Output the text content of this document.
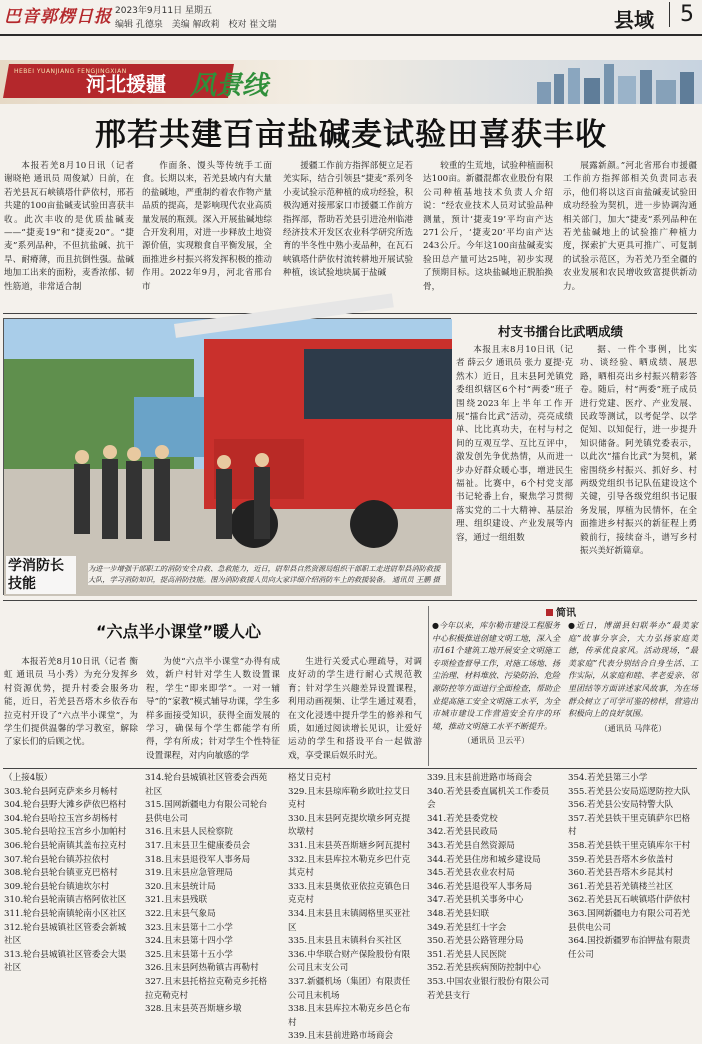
巴音郭楞日报 2023年9月11日 星期五
编辑 孔德泉 美编 解政莉 校对 崔文瑞	县域	5
HEBEI YUANJIANG FENGJINGXIAN
河北援疆 风景线
邢若共建百亩盐碱麦试验田喜获丰收

本报若羌8月10日讯（记者 谢晓艳 通讯员 周俊斌）日前，在若羌县瓦石峡镇塔什萨依村，邢若共建的100亩盐碱麦试验田喜获丰收。此次丰收的是优质盐碱麦——“捷麦19”和“捷麦20”。“捷麦”系列品种，不但抗盐碱、抗干旱、耐瘠薄，而且抗倒性强。盐碱地加工出来的面粉，麦香浓郁、韧性筋道，非常适合制

作面条、馒头等传统手工面食。长期以来，若羌县域内有大量的盐碱地，严重制约着农作物产量品质的提高，是影响现代农业高质量发展的瓶颈。深入开展盐碱地综合开发利用，对进一步释放土地资源价值，实现粮食自平衡发展，全面推进乡村振兴将发挥积极的推动作用。2022年9月，河北省邢台市

援疆工作前方指挥部便立足若羌实际，结合引领县“捷麦”系列冬小麦试验示范种植的成功经验，积极沟通对接邢家口市援疆工作前方指挥部，帮助若羌县引进沧州临港经济技术开发区农业科学研究所选育的半冬性中熟小麦品种，在瓦石峡镇塔什萨依村流转耕地开展试验种植，该试验地块属于盐碱

较重的生荒地，试验种植面积达100亩。新疆混都农业股份有限公司种植基地技术负责人介绍说：“经农业技术人员对试验品种测量，预计‘捷麦19’平均亩产达271公斤，‘捷麦20’平均亩产达243公斤。今年这100亩盐碱麦实验田总产量可达25吨，初步实现了预期目标。这块盐碱地正脱胎换骨，

展露新颜。”河北省邢台市援疆工作前方指挥部相关负责同志表示，他们将以这百亩盐碱麦试验田成功经验为契机，进一步协调沟通相关部门，加大“捷麦”系列品种在若羌盐碱地上的试验推广种植力度，探索扩大更具可推广、可复制的试验示范区，为若羌乃至全疆的农业发展和农民增收致富提供新动力。

学消防长技能
为进一步增强干部职工的消防安全自救、急救能力，近日，尉犁县自然资源局组织干部职工走进尉犁县消防救援大队，学习消防知识，提高消防技能。图为消防救援人员向大家详细介绍消防车上的救援装备。 通讯员 王鹏 摄
村支书擂台比武晒成绩

本报且末8月10日讯（记者 薛云夕 通讯员 张力 夏提·克然木）近日，且末县阿羌镇党委组织辖区6个村“两委”班子围绕2023年上半年工作开展“擂台比武”活动，亮亮成绩单、比比真功夫，在村与村之间的互观互学、互比互评中，激发创先争优热情，从而进一步办好群众暖心事，增进民生福祉。比赛中，6个村党支部书记轮番上台，聚焦学习贯彻落实党的二十大精神、基层治理、组织建设、产业发展等内容，通过一组组数

据、一件个事例，比实功、谈经验、晒成绩、展思路，晒相亮出乡村振兴精彩答卷。随后，村“两委”班子成员进行党建、医疗、产业发展、民政等测试，以考促学、以学促知、以知促行，进一步提升知识储备。阿羌镇党委表示，以此次“擂台比武”为契机，紧密围绕乡村振兴、抓好乡、村两级党组织书记队伍建设这个关键，引导各级党组织书记服务发展，厚植为民情怀，在全面推进乡村振兴的新征程上勇毅前行，接续奋斗，谱写乡村振兴美好新篇章。

“六点半小课堂”暖人心

本报若羌8月10日讯（记者 衡虹 通讯员 马小秀）为充分发挥乡村资源优势，提升村委会服务功能，近日，若羌县吾塔木乡依吞布拉克村开设了“六点半小课堂”，为学生们提供温馨的学习教室，解除了家长们的后顾之忧。

为使“六点半小课堂”办得有成效，新户村针对学生人数设置课程，学生“即来即学”。一对一辅导”的“家教”模式辅导功课，学生多样多面接受知识，获得全面发展的学习，确保每个学生都能学有所得，学有所成；针对学生个性特征设置课程，对内向敏感的学

生进行关爱式心理疏导，对调皮好动的学生进行耐心式规范教育；针对学生兴趣差异设置课程，利用动画视频、让学生通过观看，在文化浸透中提升学生的修养和气质，如通过阅读增长见识，让爱好运动的学生和搭设平台一起做游戏，享受课后娱乐时光。

简讯
●今年以来，库尔勒市建设工程服务中心积极推进创建文明工地，深入全市161个建筑工地开展安全文明施工专项检查督导工作，对施工场地、扬尘治理、材料堆放、污染防治、危险源防控等方面进行全面检查，帮助企业提高施工安全文明施工水平，为全市城市建设工作营造安全有序的环境，推动文明施工水平不断提升。
（通讯员 卫云平）
●近日，博湖县妇联举办“最美家庭”故事分享会，大力弘扬家庭美德，传承优良家风。活动现场，“最美家庭”代表分别结合自身生活、工作实际，从家庭和睦、孝老爱亲、邻里团结等方面讲述家风故事，为在场群众树立了可学可鉴的榜样，营造出积极向上的良好氛围。
（通讯员 马萍花）
（上接4版）
303.轮台县阿克萨来乡月畅村
304.轮台县野大滩乡萨依巴格村
304.轮台县哈拉玉宫乡胡杨村
305.轮台县哈拉玉宫乡小加帕村
306.轮台县轮南镇其盖布拉克村
307.轮台县轮台镇苏拉依村
308.轮台县轮台镇亚克巴格村
309.轮台县轮台镇迪坎尔村
310.轮台县轮南镇吉格阿依社区
311.轮台县轮南镇轮南小区社区
312.轮台县城镇社区管委会新城社区
313.轮台县城镇社区管委会大渠社区
314.轮台县城镇社区管委会西苑社区
315.国网新疆电力有限公司轮台县供电公司
316.且末县人民检察院
317.且末县卫生健康委员会
318.且末县退役军人事务局
319.且末县应急管理局
320.且末县统计局
321.且末县残联
322.且末县气象局
323.且末县第十二小学
324.且末县第十四小学
325.且末县第十五小学
326.且末县阿热勒镇古再勒村
327.且末县托格拉克勒克乡托格拉克勒克村
328.且末县英吾斯塘乡墩
格艾日克村
329.且末县琼库勒乡欧吐拉艾日克村
330.且末县阿克提坎墩乡阿克提坎墩村
331.且末县英吾斯塘乡阿瓦提村
332.且末县库拉木勒克乡巴什克其克村
333.且末县奥依亚依拉克镇色日克克村
334.且末县且末镇阔格里买亚社区
335.且末县且末镇科台买社区
336.中华联合财产保险股份有限公司且末支公司
337.新疆机场（集团）有限责任公司且末机场
338.且末县库拉木勒克乡邑仑布村
339.且末县前进路市场商会
339.且末县前进路市场商会
340.若羌县委直属机关工作委员会
341.若羌县委党校
342.若羌县民政局
343.若羌县自然资源局
344.若羌县住房和城乡建设局
345.若羌县农业农村局
346.若羌县退役军人事务局
347.若羌县机关事务中心
348.若羌县妇联
349.若羌县红十字会
350.若羌县公路管理分局
351.若羌县人民医院
352.若羌县疾病预防控制中心
353.中国农业银行股份有限公司若羌县支行
354.若羌县第三小学
355.若羌县公安局巡逻防控大队
356.若羌县公安局特警大队
357.若羌县铁干里克镇萨尔巴格村
358.若羌县铁干里克镇库尔干村
359.若羌县吾塔木乡依盖村
360.若羌县吾塔木乡昆其村
361.若羌县若羌镇楼兰社区
362.若羌县瓦石峡镇塔什萨依村
363.国网新疆电力有限公司若羌县供电公司
364.国投新疆罗布泊钾盐有限责任公司
